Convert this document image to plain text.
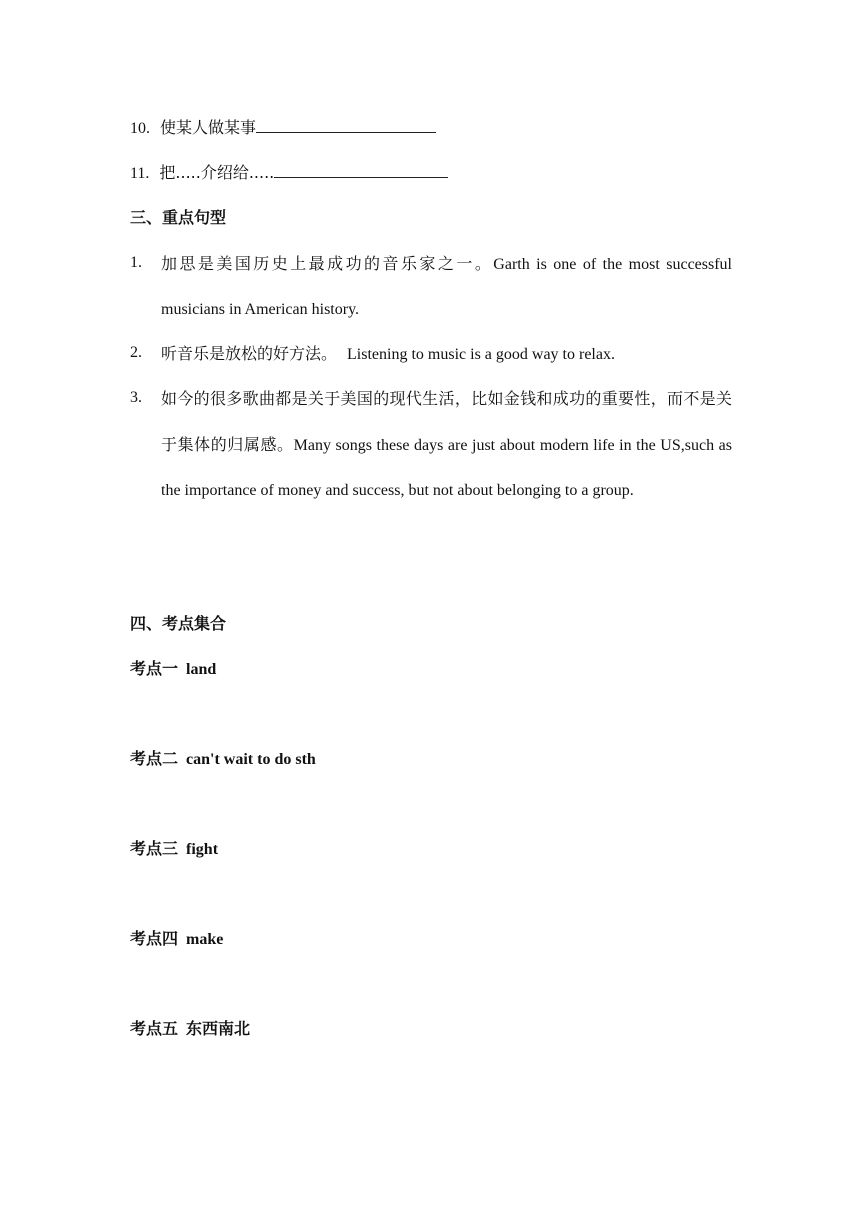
10. 使某人做某事
11. 把.....介绍给.....
三、重点句型
1. 加思是美国历史上最成功的音乐家之一。Garth is one of the most successful musicians in American history.
2. 听音乐是放松的好方法。 Listening to music is a good way to relax.
3. 如今的很多歌曲都是关于美国的现代生活，比如金钱和成功的重要性，而不是关于集体的归属感。Many songs these days are just about modern life in the US,such as the importance of money and success, but not about belonging to a group.
四、考点集合
考点一 land
考点二 can't wait to do sth
考点三 fight
考点四 make
考点五 东西南北
